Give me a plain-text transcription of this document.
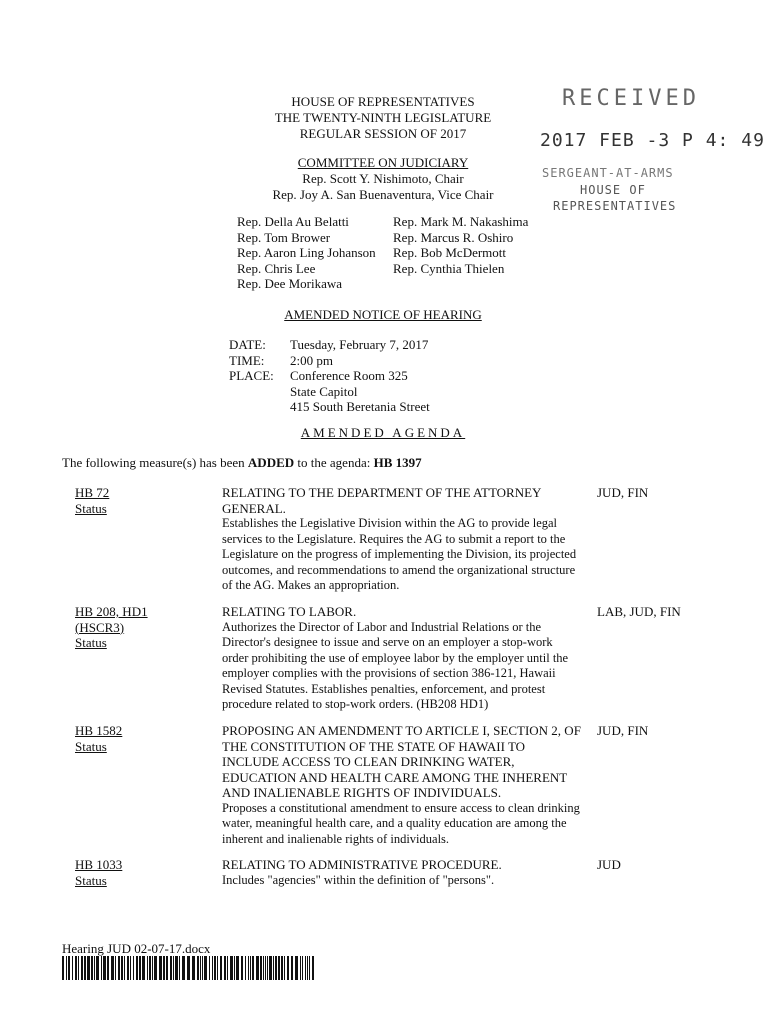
HOUSE OF REPRESENTATIVES
THE TWENTY-NINTH LEGISLATURE
REGULAR SESSION OF 2017
COMMITTEE ON JUDICIARY
Rep. Scott Y. Nishimoto, Chair
Rep. Joy A. San Buenaventura, Vice Chair
RECEIVED
2017 FEB -3 P 4: 49
SERGEANT-AT-ARMS
HOUSE OF
REPRESENTATIVES
Rep. Della Au Belatti
Rep. Tom Brower
Rep. Aaron Ling Johanson
Rep. Chris Lee
Rep. Dee Morikawa
Rep. Mark M. Nakashima
Rep. Marcus R. Oshiro
Rep. Bob McDermott
Rep. Cynthia Thielen
AMENDED NOTICE OF HEARING
DATE: Tuesday, February 7, 2017
TIME: 2:00 pm
PLACE: Conference Room 325
State Capitol
415 South Beretania Street
AMENDED AGENDA
The following measure(s) has been ADDED to the agenda: HB 1397
HB 72
Status
RELATING TO THE DEPARTMENT OF THE ATTORNEY GENERAL.
Establishes the Legislative Division within the AG to provide legal services to the Legislature. Requires the AG to submit a report to the Legislature on the progress of implementing the Division, its projected outcomes, and recommendations to amend the organizational structure of the AG. Makes an appropriation.
JUD, FIN
HB 208, HD1
(HSCR3)
Status
RELATING TO LABOR.
Authorizes the Director of Labor and Industrial Relations or the Director's designee to issue and serve on an employer a stop-work order prohibiting the use of employee labor by the employer until the employer complies with the provisions of section 386-121, Hawaii Revised Statutes. Establishes penalties, enforcement, and protest procedure related to stop-work orders. (HB208 HD1)
LAB, JUD, FIN
HB 1582
Status
PROPOSING AN AMENDMENT TO ARTICLE I, SECTION 2, OF THE CONSTITUTION OF THE STATE OF HAWAII TO INCLUDE ACCESS TO CLEAN DRINKING WATER, EDUCATION AND HEALTH CARE AMONG THE INHERENT AND INALIENABLE RIGHTS OF INDIVIDUALS.
Proposes a constitutional amendment to ensure access to clean drinking water, meaningful health care, and a quality education are among the inherent and inalienable rights of individuals.
JUD, FIN
HB 1033
Status
RELATING TO ADMINISTRATIVE PROCEDURE.
Includes "agencies" within the definition of "persons".
JUD
Hearing JUD 02-07-17.docx
